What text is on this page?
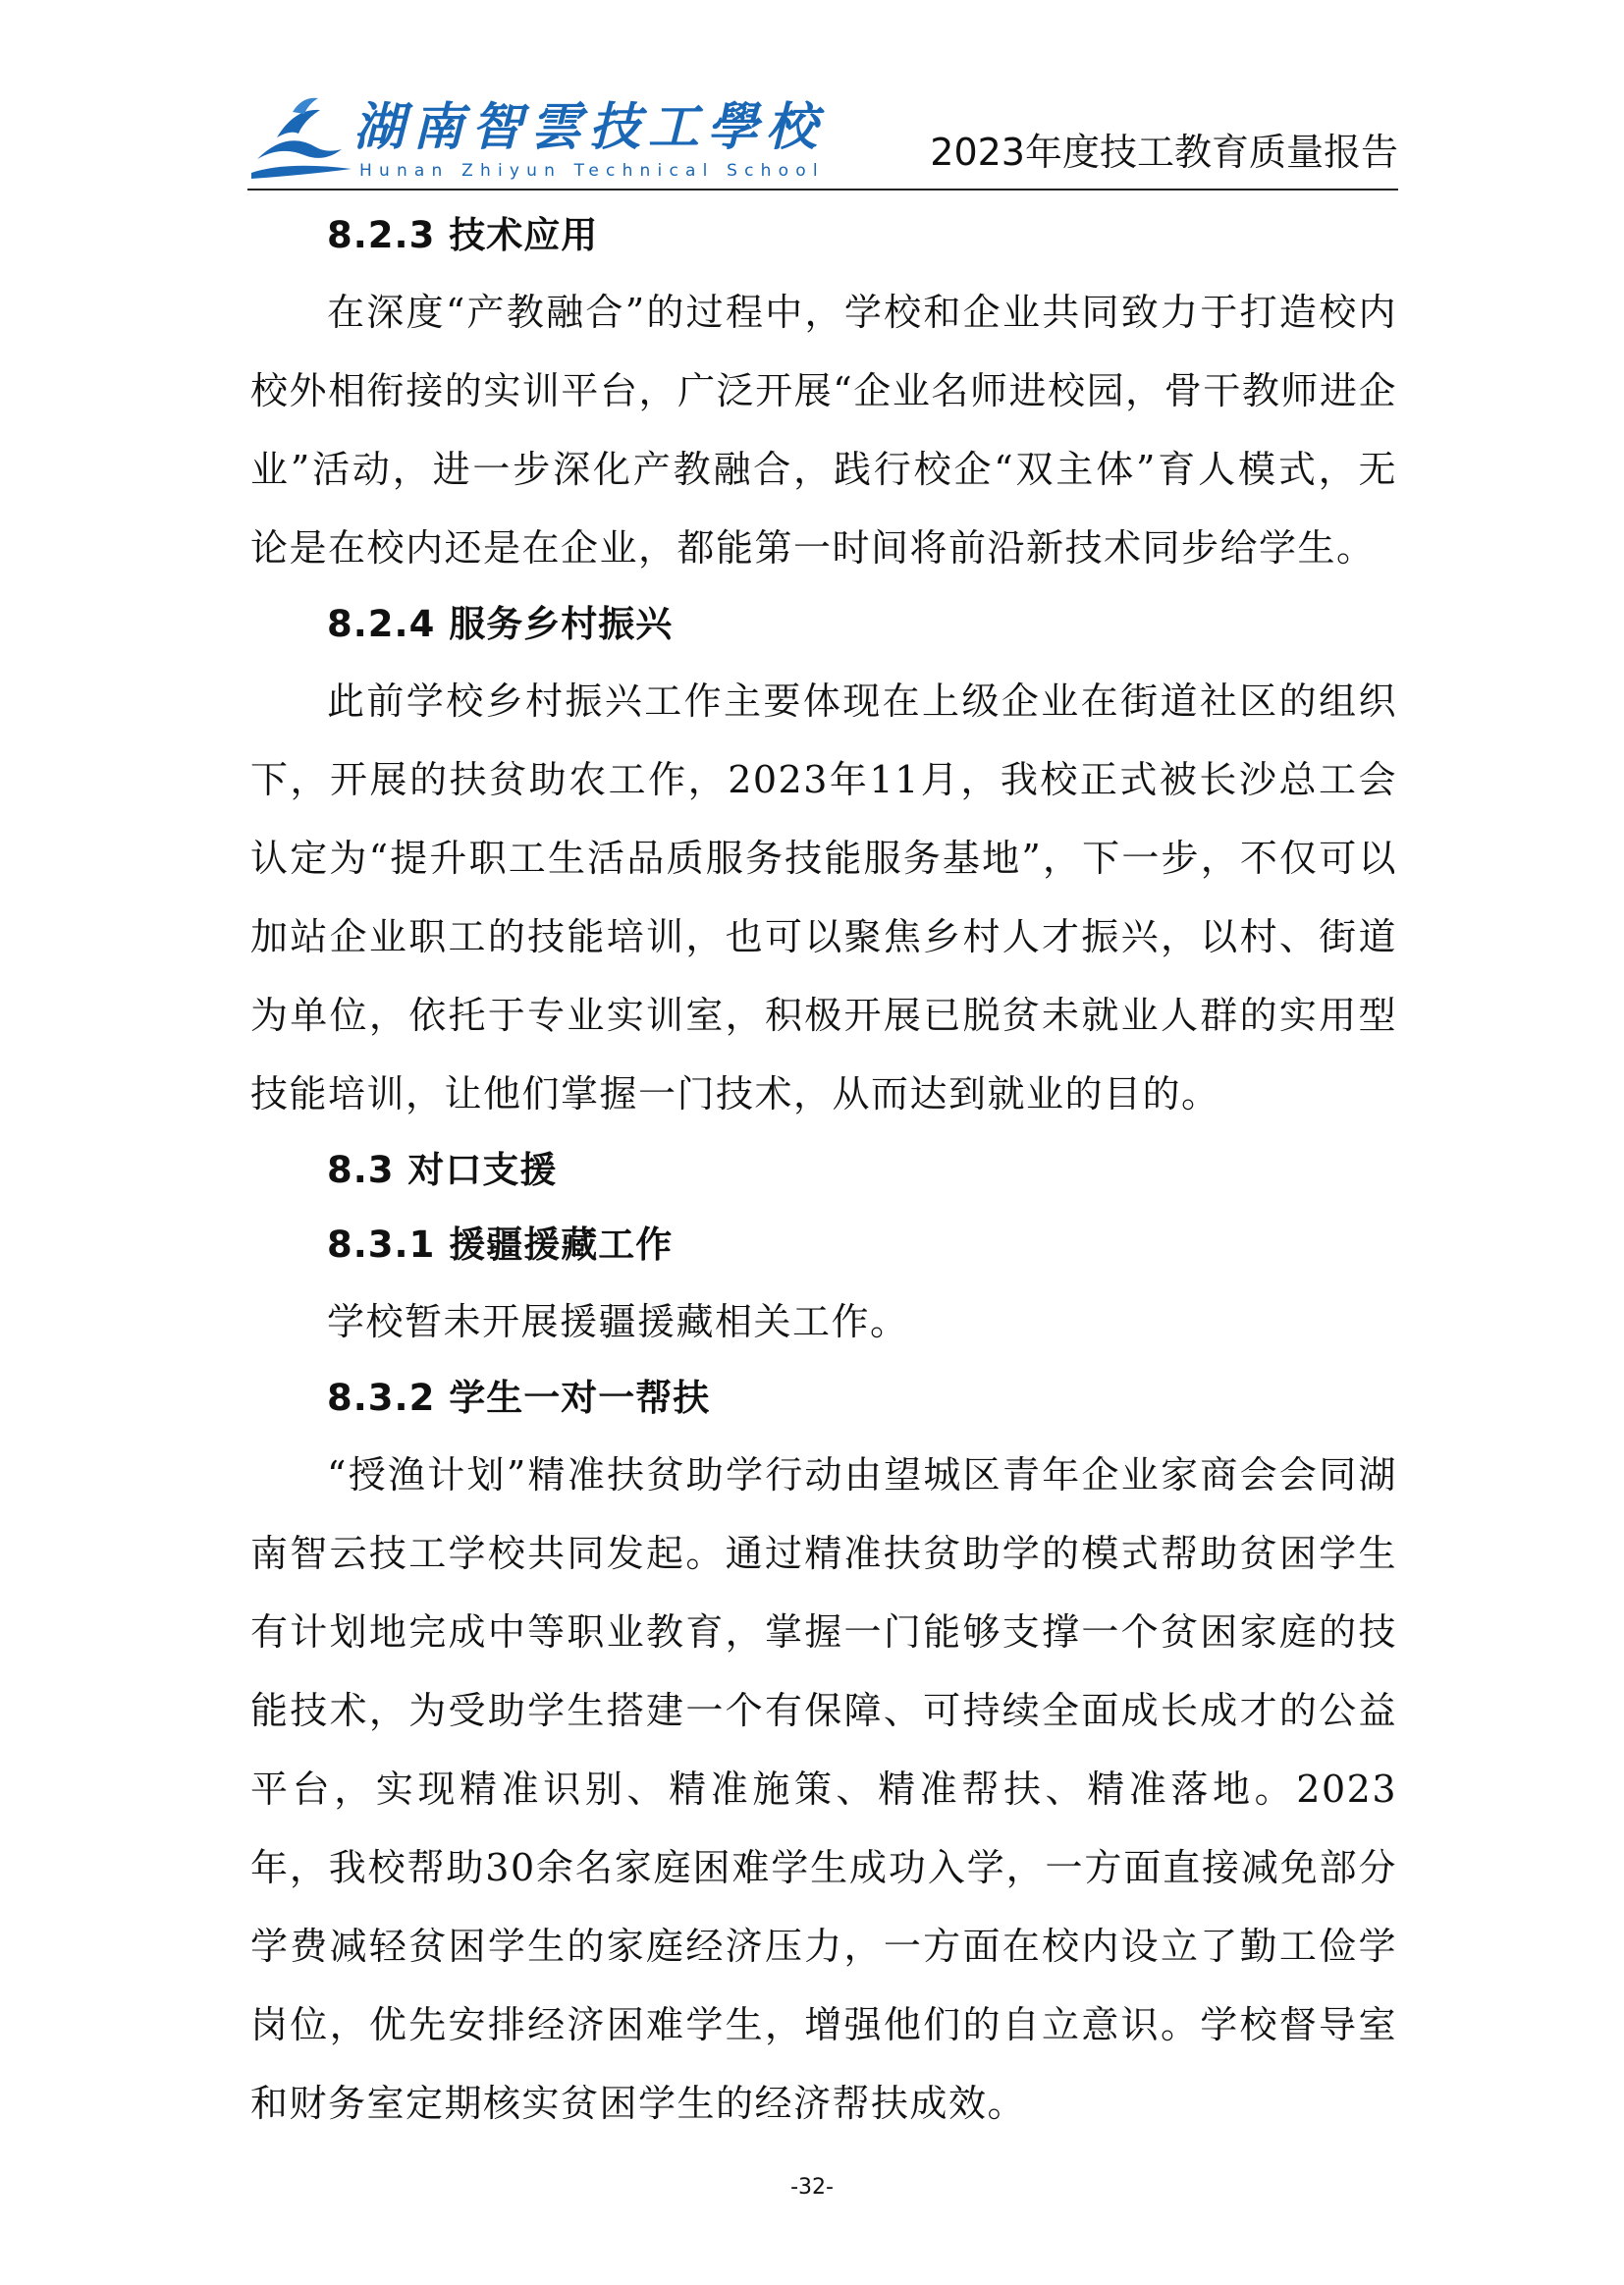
湖南智雲技工學校
Hunan Zhiyun Technical School	2023年度技工教育质量报告
8.2.3 技术应用
在深度“产教融合”的过程中，学校和企业共同致力于打造校内校外相衔接的实训平台，广泛开展“企业名师进校园，骨干教师进企业”活动，进一步深化产教融合，践行校企“双主体”育人模式，无论是在校内还是在企业，都能第一时间将前沿新技术同步给学生。
8.2.4 服务乡村振兴
此前学校乡村振兴工作主要体现在上级企业在街道社区的组织下，开展的扶贫助农工作，2023年11月，我校正式被长沙总工会认定为“提升职工生活品质服务技能服务基地”，下一步，不仅可以加站企业职工的技能培训，也可以聚焦乡村人才振兴，以村、街道为单位，依托于专业实训室，积极开展已脱贫未就业人群的实用型技能培训，让他们掌握一门技术，从而达到就业的目的。
8.3 对口支援
8.3.1 援疆援藏工作
学校暂未开展援疆援藏相关工作。
8.3.2 学生一对一帮扶
“授渔计划”精准扶贫助学行动由望城区青年企业家商会会同湖南智云技工学校共同发起。通过精准扶贫助学的模式帮助贫困学生有计划地完成中等职业教育，掌握一门能够支撑一个贫困家庭的技能技术，为受助学生搭建一个有保障、可持续全面成长成才的公益平台，实现精准识别、精准施策、精准帮扶、精准落地。2023年，我校帮助30余名家庭困难学生成功入学，一方面直接减免部分学费减轻贫困学生的家庭经济压力，一方面在校内设立了勤工俭学岗位，优先安排经济困难学生，增强他们的自立意识。学校督导室和财务室定期核实贫困学生的经济帮扶成效。
-32-
